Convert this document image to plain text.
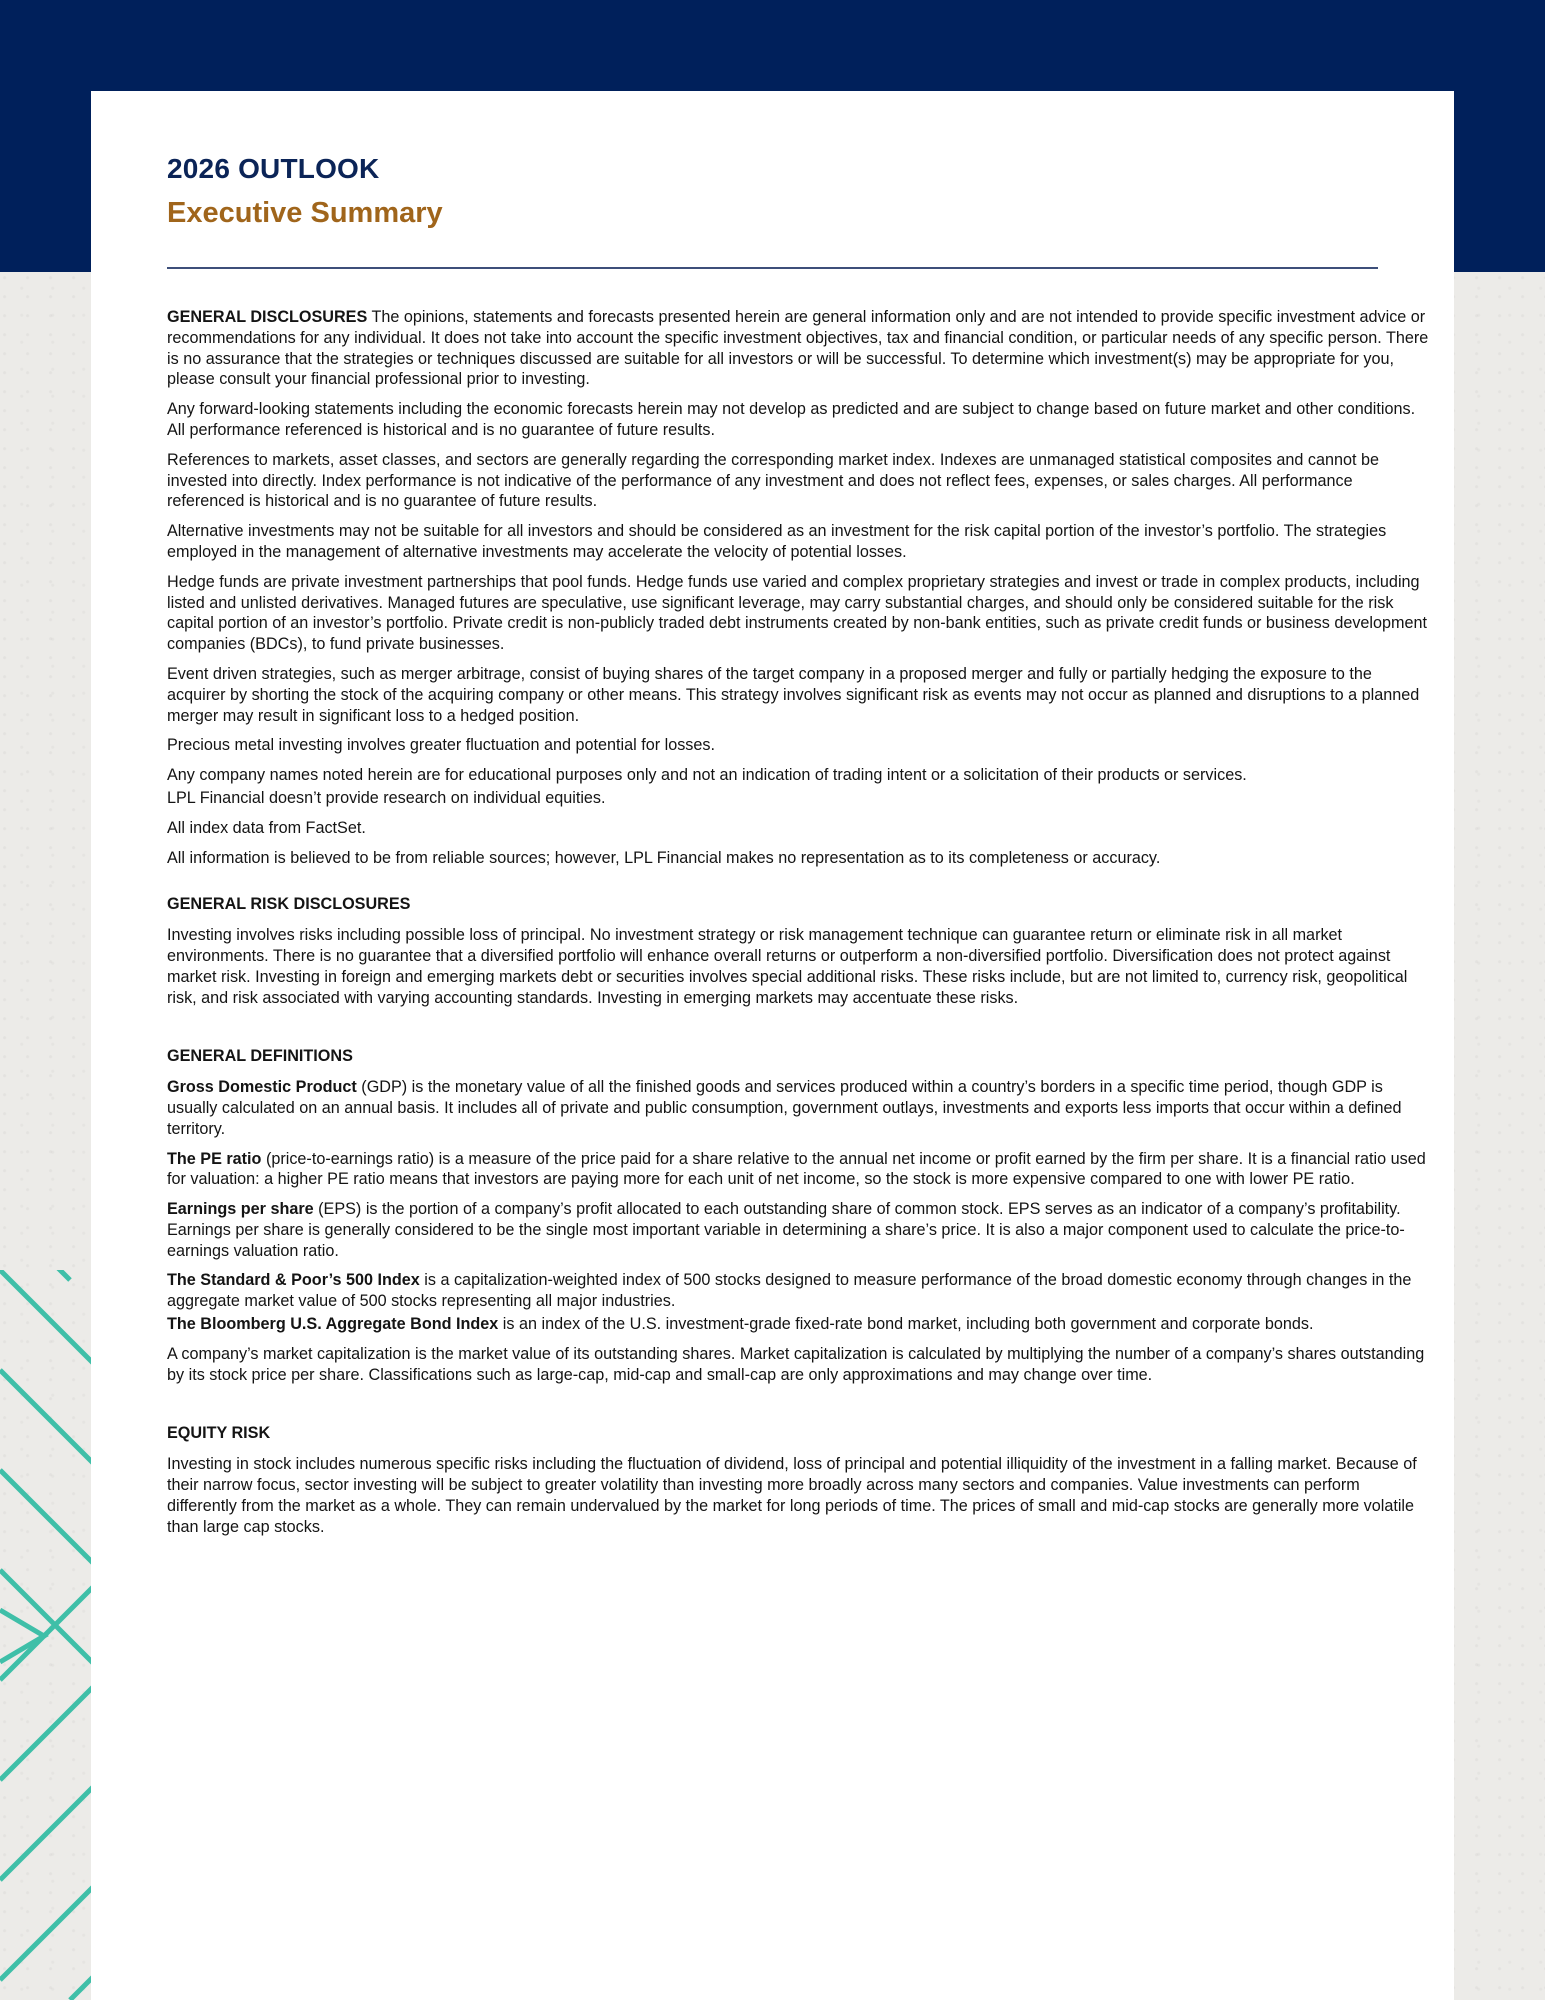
2026 OUTLOOK
Executive Summary

GENERAL DISCLOSURES The opinions, statements and forecasts presented herein are general information only and are not intended to provide specific investment advice or recommendations for any individual. It does not take into account the specific investment objectives, tax and financial condition, or particular needs of any specific person. There is no assurance that the strategies or techniques discussed are suitable for all investors or will be successful. To determine which investment(s) may be appropriate for you, please consult your financial professional prior to investing.

Any forward-looking statements including the economic forecasts herein may not develop as predicted and are subject to change based on future market and other conditions. All performance referenced is historical and is no guarantee of future results.

References to markets, asset classes, and sectors are generally regarding the corresponding market index. Indexes are unmanaged statistical composites and cannot be invested into directly. Index performance is not indicative of the performance of any investment and does not reflect fees, expenses, or sales charges. All performance referenced is historical and is no guarantee of future results.

Alternative investments may not be suitable for all investors and should be considered as an investment for the risk capital portion of the investor’s portfolio. The strategies employed in the management of alternative investments may accelerate the velocity of potential losses.

Hedge funds are private investment partnerships that pool funds. Hedge funds use varied and complex proprietary strategies and invest or trade in complex products, including listed and unlisted derivatives. Managed futures are speculative, use significant leverage, may carry substantial charges, and should only be considered suitable for the risk capital portion of an investor’s portfolio. Private credit is non-publicly traded debt instruments created by non-bank entities, such as private credit funds or business development companies (BDCs), to fund private businesses.

Event driven strategies, such as merger arbitrage, consist of buying shares of the target company in a proposed merger and fully or partially hedging the exposure to the acquirer by shorting the stock of the acquiring company or other means. This strategy involves significant risk as events may not occur as planned and disruptions to a planned merger may result in significant loss to a hedged position.

Precious metal investing involves greater fluctuation and potential for losses.

Any company names noted herein are for educational purposes only and not an indication of trading intent or a solicitation of their products or services.

LPL Financial doesn’t provide research on individual equities.

All index data from FactSet.

All information is believed to be from reliable sources; however, LPL Financial makes no representation as to its completeness or accuracy.

GENERAL RISK DISCLOSURES

Investing involves risks including possible loss of principal. No investment strategy or risk management technique can guarantee return or eliminate risk in all market environments. There is no guarantee that a diversified portfolio will enhance overall returns or outperform a non-diversified portfolio. Diversification does not protect against market risk. Investing in foreign and emerging markets debt or securities involves special additional risks. These risks include, but are not limited to, currency risk, geopolitical risk, and risk associated with varying accounting standards. Investing in emerging markets may accentuate these risks.

GENERAL DEFINITIONS

Gross Domestic Product (GDP) is the monetary value of all the finished goods and services produced within a country’s borders in a specific time period, though GDP is usually calculated on an annual basis. It includes all of private and public consumption, government outlays, investments and exports less imports that occur within a defined territory.

The PE ratio (price-to-earnings ratio) is a measure of the price paid for a share relative to the annual net income or profit earned by the firm per share. It is a financial ratio used for valuation: a higher PE ratio means that investors are paying more for each unit of net income, so the stock is more expensive compared to one with lower PE ratio.

Earnings per share (EPS) is the portion of a company’s profit allocated to each outstanding share of common stock. EPS serves as an indicator of a company’s profitability. Earnings per share is generally considered to be the single most important variable in determining a share’s price. It is also a major component used to calculate the price-to-earnings valuation ratio.

The Standard & Poor’s 500 Index is a capitalization-weighted index of 500 stocks designed to measure performance of the broad domestic economy through changes in the aggregate market value of 500 stocks representing all major industries.

The Bloomberg U.S. Aggregate Bond Index is an index of the U.S. investment-grade fixed-rate bond market, including both government and corporate bonds.

A company’s market capitalization is the market value of its outstanding shares. Market capitalization is calculated by multiplying the number of a company’s shares outstanding by its stock price per share. Classifications such as large-cap, mid-cap and small-cap are only approximations and may change over time.

EQUITY RISK

Investing in stock includes numerous specific risks including the fluctuation of dividend, loss of principal and potential illiquidity of the investment in a falling market. Because of their narrow focus, sector investing will be subject to greater volatility than investing more broadly across many sectors and companies. Value investments can perform differently from the market as a whole. They can remain undervalued by the market for long periods of time. The prices of small and mid-cap stocks are generally more volatile than large cap stocks.
